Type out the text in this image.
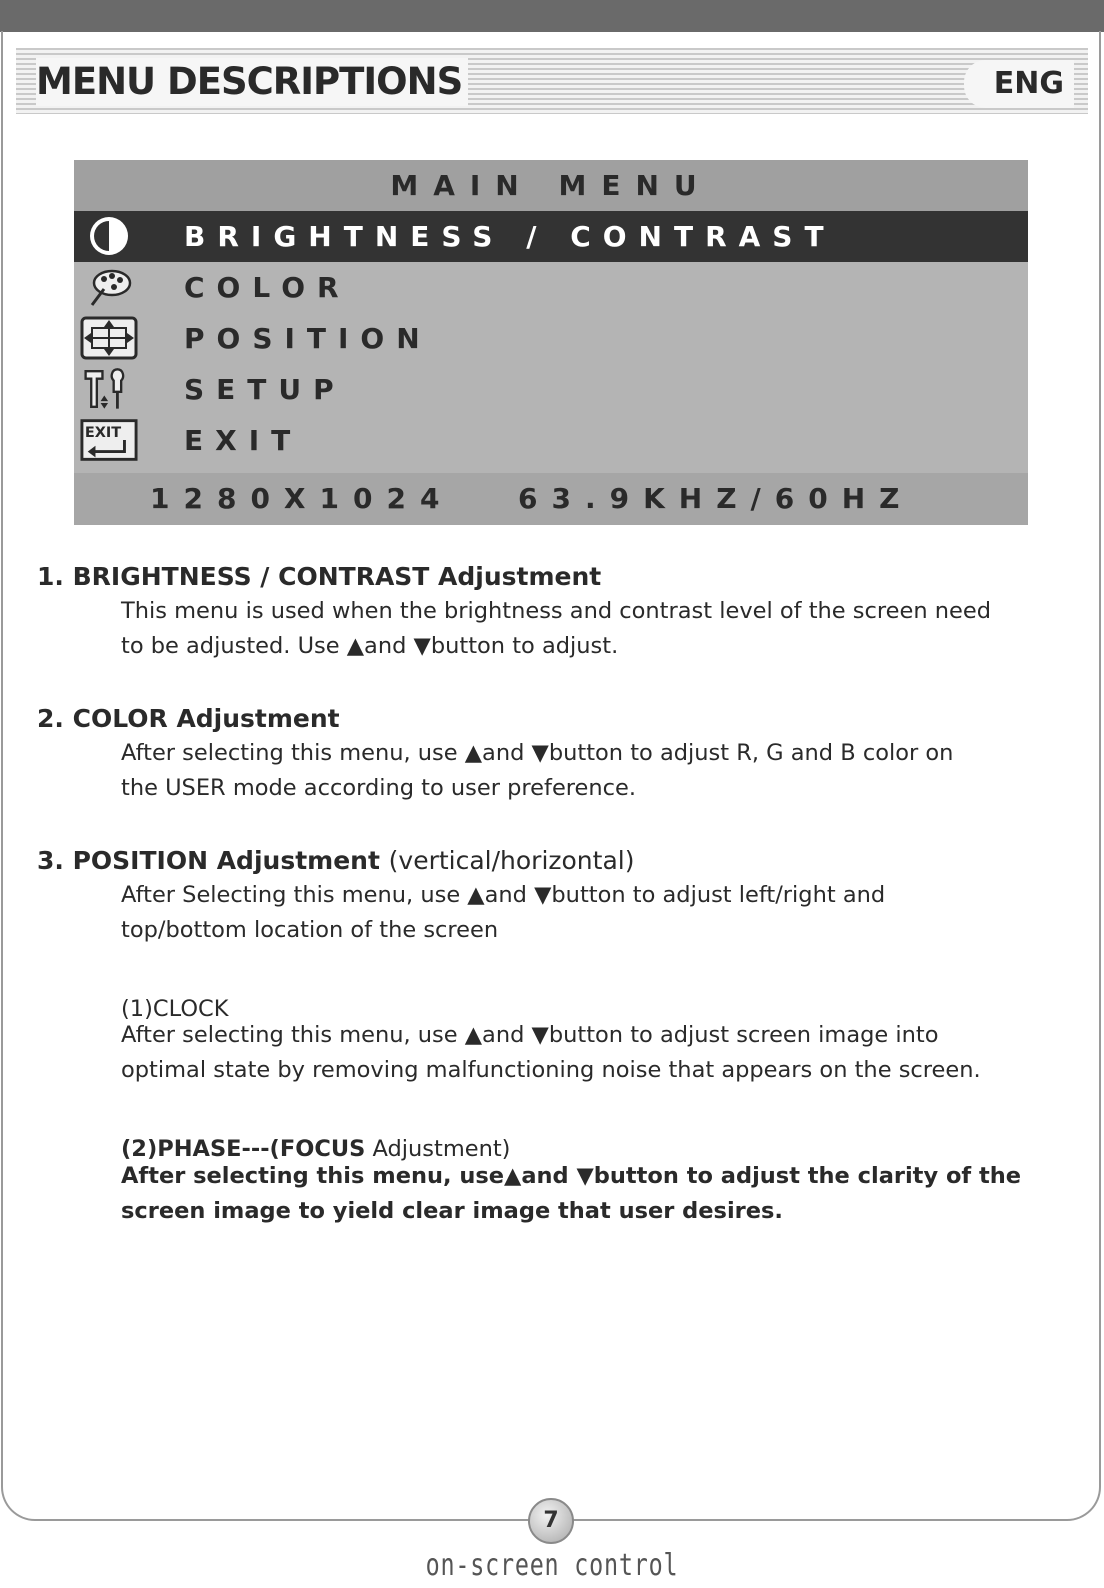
MENU DESCRIPTIONS	ENG
MAIN MENU
BRIGHTNESS / CONTRAST
COLOR
POSITION
SETUP
EXIT EXIT
1280X1024 63.9KHZ/60HZ
1. BRIGHTNESS / CONTRAST Adjustment
This menu is used when the brightness and contrast level of the screen need
to be adjusted. Use ▲and ▼button to adjust.
2. COLOR Adjustment
After selecting this menu, use ▲and ▼button to adjust R, G and B color on
the USER mode according to user preference.
3. POSITION Adjustment (vertical/horizontal)
After Selecting this menu, use ▲and ▼button to adjust left/right and
top/bottom location of the screen
(1)CLOCK
After selecting this menu, use ▲and ▼button to adjust screen image into
optimal state by removing malfunctioning noise that appears on the screen.
(2)PHASE---(FOCUS Adjustment)
After selecting this menu, use▲and ▼button to adjust the clarity of the
screen image to yield clear image that user desires.
7
on-screen control
